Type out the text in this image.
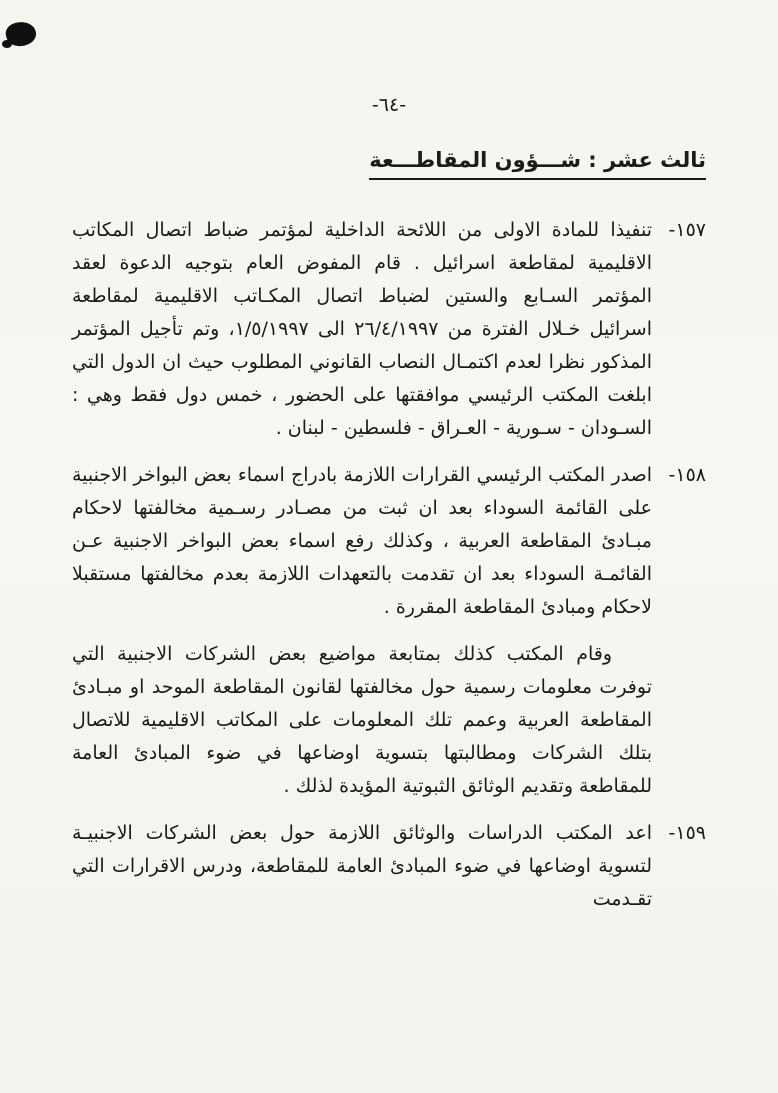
-٦٤-
ثالث عشر : شـــؤون المقاطـــعة
١٥٧-
تنفيذا للمادة الاولى من اللائحة الداخلية لمؤتمر ضباط اتصال المكاتب الاقليمية لمقاطعة اسرائيل . قام المفوض العام بتوجيه الدعوة لعقد المؤتمر السـابع والستين لضباط اتصال المكـاتب الاقليمية لمقاطعة اسرائيل خـلال الفترة من ٢٦/٤/١٩٩٧ الى ١/٥/١٩٩٧، وتم تأجيل المؤتمر المذكور نظرا لعدم اكتمـال النصاب القانوني المطلوب حيث ان الدول التي ابلغت المكتب الرئيسي موافقتها على الحضور ، خمس دول فقط وهي : السـودان - سـورية - العـراق - فلسطين - لبنان .
١٥٨-
اصدر المكتب الرئيسي القرارات اللازمة بادراج اسماء بعض البواخر الاجنبية على القائمة السوداء بعد ان ثبت من مصـادر رسـمية مخالفتها لاحكام مبـادئ المقاطعة العربية ، وكذلك رفع اسماء بعض البواخر الاجنبية عـن القائمـة السوداء بعد ان تقدمت بالتعهدات اللازمة بعدم مخالفتها مستقبلا لاحكام ومبادئ المقاطعة المقررة .
وقام المكتب كذلك بمتابعة مواضيع بعض الشركات الاجنبية التي توفرت معلومات رسمية حول مخالفتها لقانون المقاطعة الموحد او مبـادئ المقاطعة العربية وعمم تلك المعلومات على المكاتب الاقليمية للاتصال بتلك الشركات ومطالبتها بتسوية اوضاعها في ضوء المبادئ العامة للمقاطعة وتقديم الوثائق الثبوتية المؤيدة لذلك .
١٥٩-
اعد المكتب الدراسات والوثائق اللازمة حول بعض الشركات الاجنبيـة لتسوية اوضاعها في ضوء المبادئ العامة للمقاطعة، ودرس الاقرارات التي تقـدمت
